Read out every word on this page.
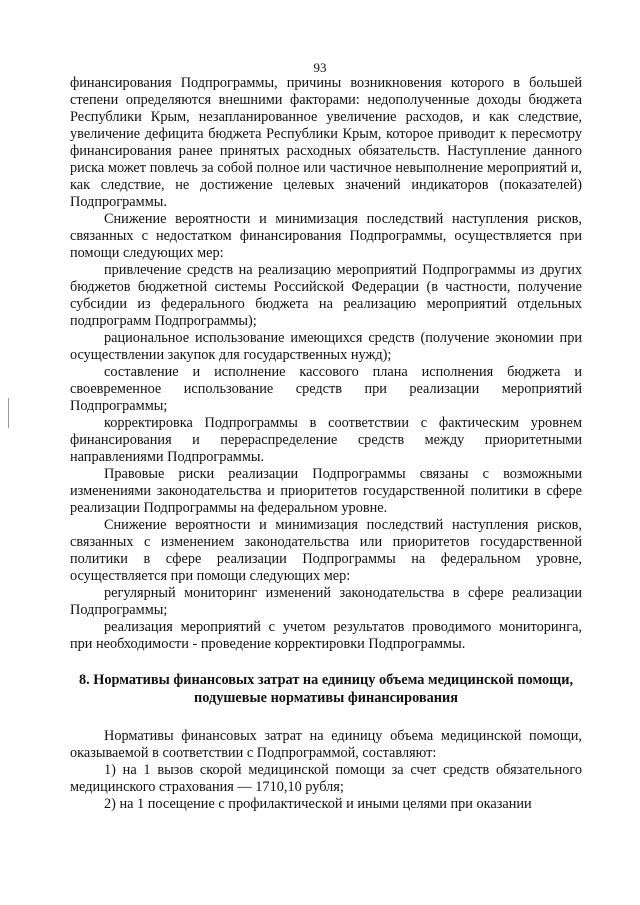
93

финансирования Подпрограммы, причины возникновения которого в большей степени определяются внешними факторами: недополученные доходы бюджета Республики Крым, незапланированное увеличение расходов, и как следствие, увеличение дефицита бюджета Республики Крым, которое приводит к пересмотру финансирования ранее принятых расходных обязательств. Наступление данного риска может повлечь за собой полное или частичное невыполнение мероприятий и, как следствие, не достижение целевых значений индикаторов (показателей) Подпрограммы.

Снижение вероятности и минимизация последствий наступления рисков, связанных с недостатком финансирования Подпрограммы, осуществляется при помощи следующих мер:

привлечение средств на реализацию мероприятий Подпрограммы из других бюджетов бюджетной системы Российской Федерации (в частности, получение субсидии из федерального бюджета на реализацию мероприятий отдельных подпрограмм Подпрограммы);

рациональное использование имеющихся средств (получение экономии при осуществлении закупок для государственных нужд);

составление и исполнение кассового плана исполнения бюджета и своевременное использование средств при реализации мероприятий Подпрограммы;

корректировка Подпрограммы в соответствии с фактическим уровнем финансирования и перераспределение средств между приоритетными направлениями Подпрограммы.

Правовые риски реализации Подпрограммы связаны с возможными изменениями законодательства и приоритетов государственной политики в сфере реализации Подпрограммы на федеральном уровне.

Снижение вероятности и минимизация последствий наступления рисков, связанных с изменением законодательства или приоритетов государственной политики в сфере реализации Подпрограммы на федеральном уровне, осуществляется при помощи следующих мер:

регулярный мониторинг изменений законодательства в сфере реализации Подпрограммы;

реализация мероприятий с учетом результатов проводимого мониторинга, при необходимости - проведение корректировки Подпрограммы.

8. Нормативы финансовых затрат на единицу объема медицинской помощи, подушевые нормативы финансирования

Нормативы финансовых затрат на единицу объема медицинской помощи, оказываемой в соответствии с Подпрограммой, составляют:

1) на 1 вызов скорой медицинской помощи за счет средств обязательного медицинского страхования — 1710,10 рубля;

2) на 1 посещение с профилактической и иными целями при оказании
